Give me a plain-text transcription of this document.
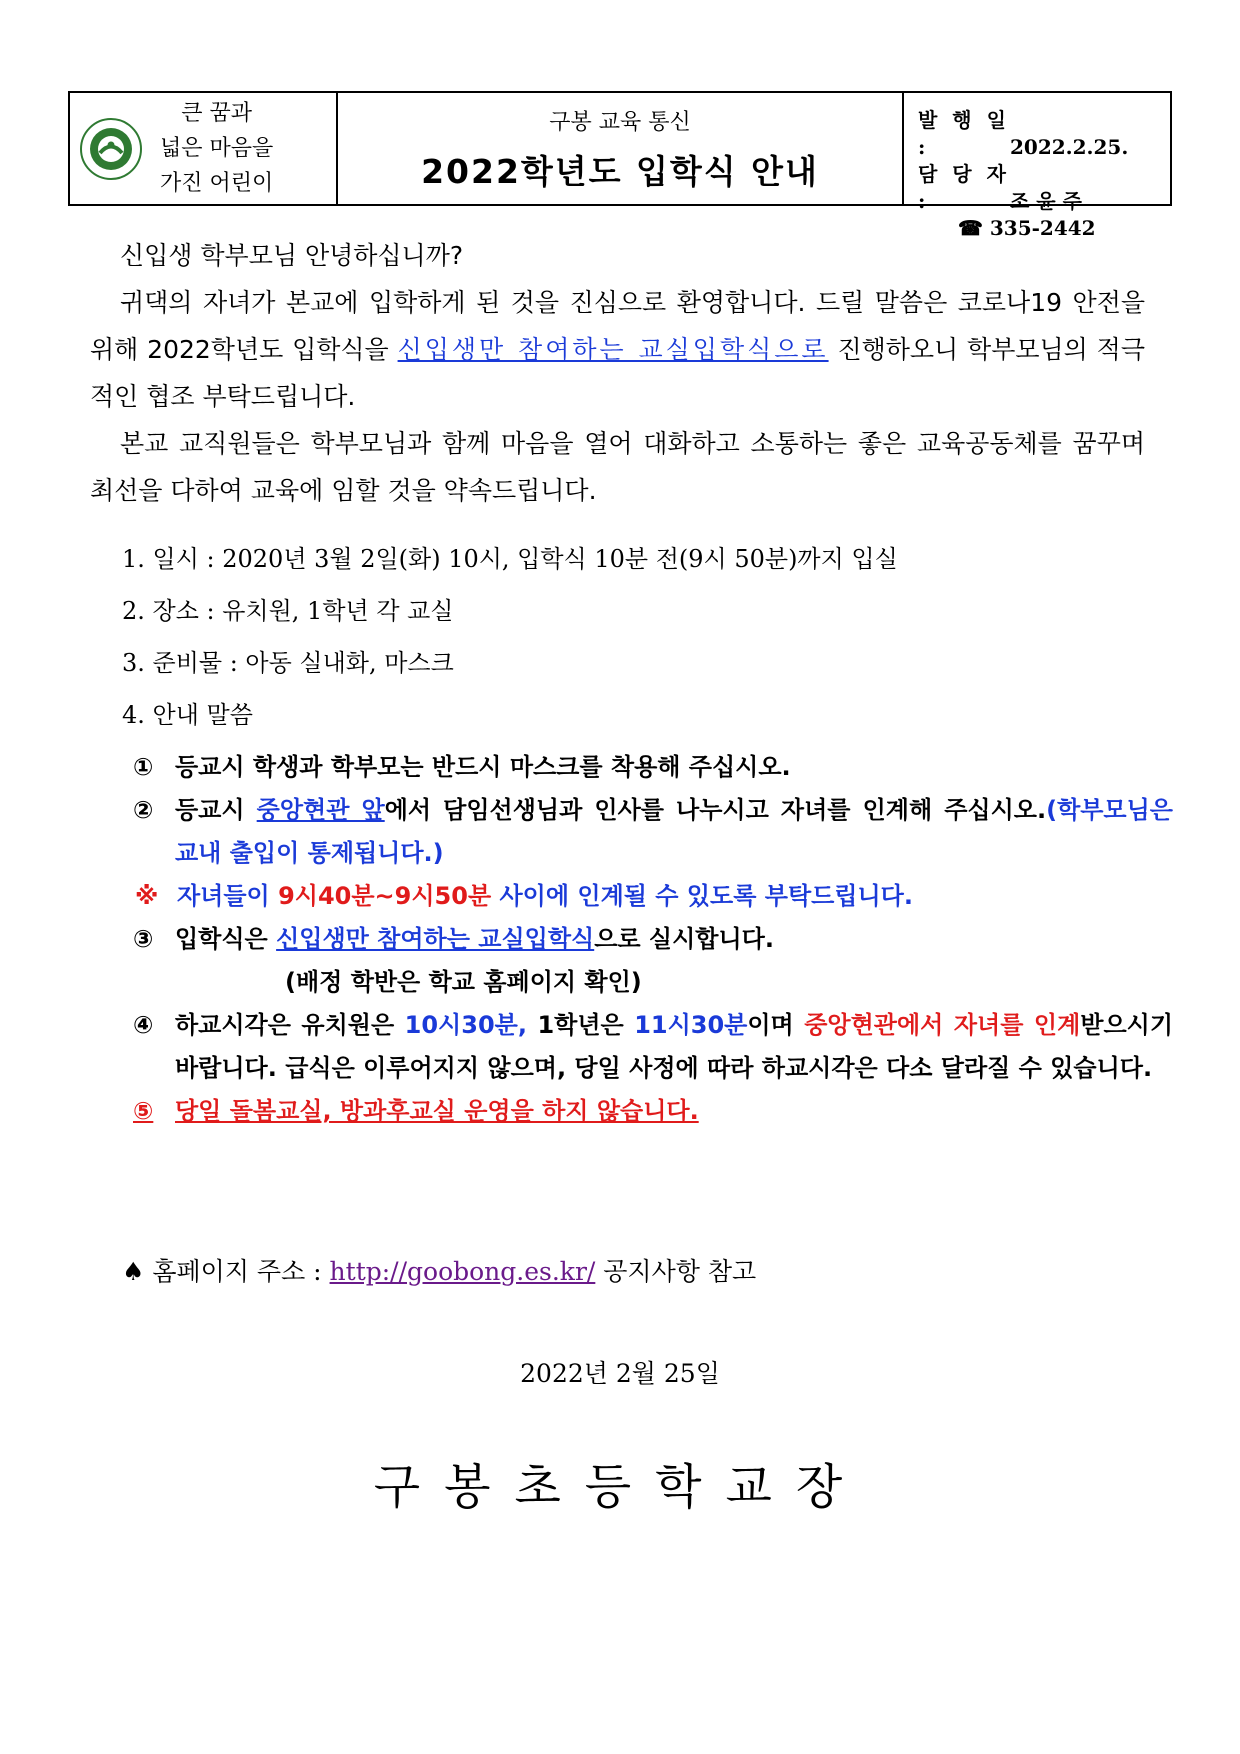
큰 꿈과
넓은 마음을
가진 어린이
구봉 교육 통신
2022학년도 입학식 안내
발 행 일 :	2022.2.25.
담 당 자 :	조 윤 주
☎ 335-2442

신입생 학부모님 안녕하십니까?

귀댁의 자녀가 본교에 입학하게 된 것을 진심으로 환영합니다. 드릴 말씀은 코로나19 안전을 위해 2022학년도 입학식을 신입생만 참여하는 교실입학식으로 진행하오니 학부모님의 적극적인 협조 부탁드립니다.

본교 교직원들은 학부모님과 함께 마음을 열어 대화하고 소통하는 좋은 교육공동체를 꿈꾸며 최선을 다하여 교육에 임할 것을 약속드립니다.

1. 일시 : 2020년 3월 2일(화) 10시, 입학식 10분 전(9시 50분)까지 입실
2. 장소 : 유치원, 1학년 각 교실
3. 준비물 : 아동 실내화, 마스크
4. 안내 말씀
① 등교시 학생과 학부모는 반드시 마스크를 착용해 주십시오.
② 등교시 중앙현관 앞에서 담임선생님과 인사를 나누시고 자녀를 인계해 주십시오.(학부모님은 교내 출입이 통제됩니다.)
※ 자녀들이 9시40분~9시50분 사이에 인계될 수 있도록 부탁드립니다.
③ 입학식은 신입생만 참여하는 교실입학식으로 실시합니다.
(배정 학반은 학교 홈페이지 확인)
④ 하교시각은 유치원은 10시30분, 1학년은 11시30분이며 중앙현관에서 자녀를 인계받으시기 바랍니다. 급식은 이루어지지 않으며, 당일 사정에 따라 하교시각은 다소 달라질 수 있습니다.
⑤ 당일 돌봄교실, 방과후교실 운영을 하지 않습니다.
♠ 홈페이지 주소 : http://goobong.es.kr/ 공지사항 참고
2022년 2월 25일
구봉초등학교장
